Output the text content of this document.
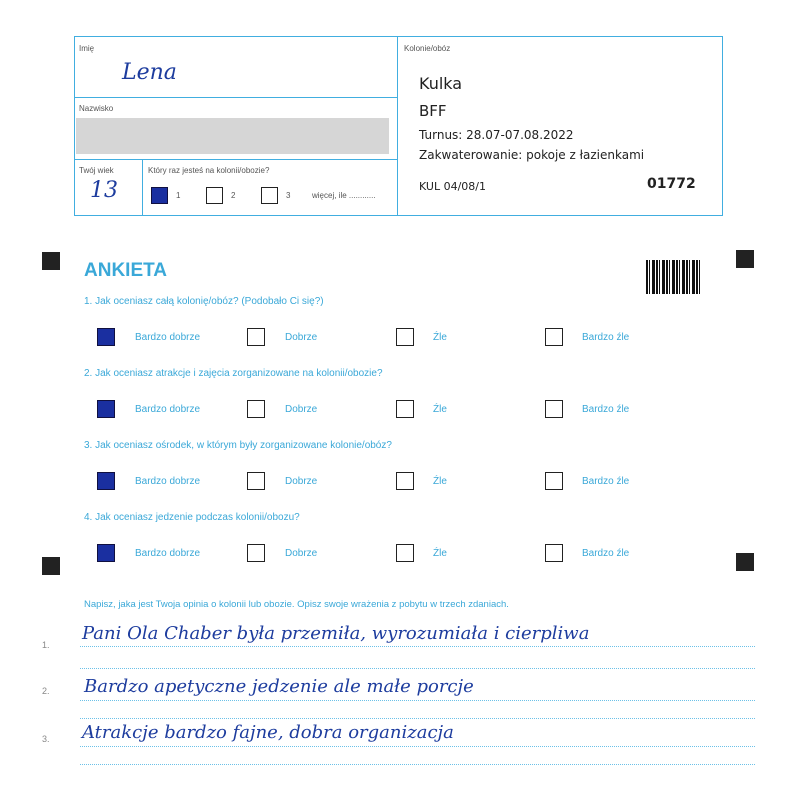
Imię
Lena
Nazwisko
Twój wiek
13
Który raz jesteś na kolonii/obozie?
1	2	3	więcej, ile ............
Kolonie/obóz
Kulka
BFF
Turnus: 28.07-07.08.2022
Zakwaterowanie: pokoje z łazienkami
KUL 04/08/1	01772
ANKIETA
1. Jak oceniasz całą kolonię/obóz? (Podobało Ci się?)
Bardzo dobrze	Dobrze	Źle	Bardzo źle
2. Jak oceniasz atrakcje i zajęcia zorganizowane na kolonii/obozie?
Bardzo dobrze	Dobrze	Źle	Bardzo źle
3. Jak oceniasz ośrodek, w którym były zorganizowane kolonie/obóz?
Bardzo dobrze	Dobrze	Źle	Bardzo źle
4. Jak oceniasz jedzenie podczas kolonii/obozu?
Bardzo dobrze	Dobrze	Źle	Bardzo źle
Napisz, jaka jest Twoja opinia o kolonii lub obozie. Opisz swoje wrażenia z pobytu w trzech zdaniach.
1.
Pani Ola Chaber była przemiła, wyrozumiała i cierpliwa
2. Bardzo apetyczne jedzenie ale małe porcje
3. Atrakcje bardzo fajne, dobra organizacja
